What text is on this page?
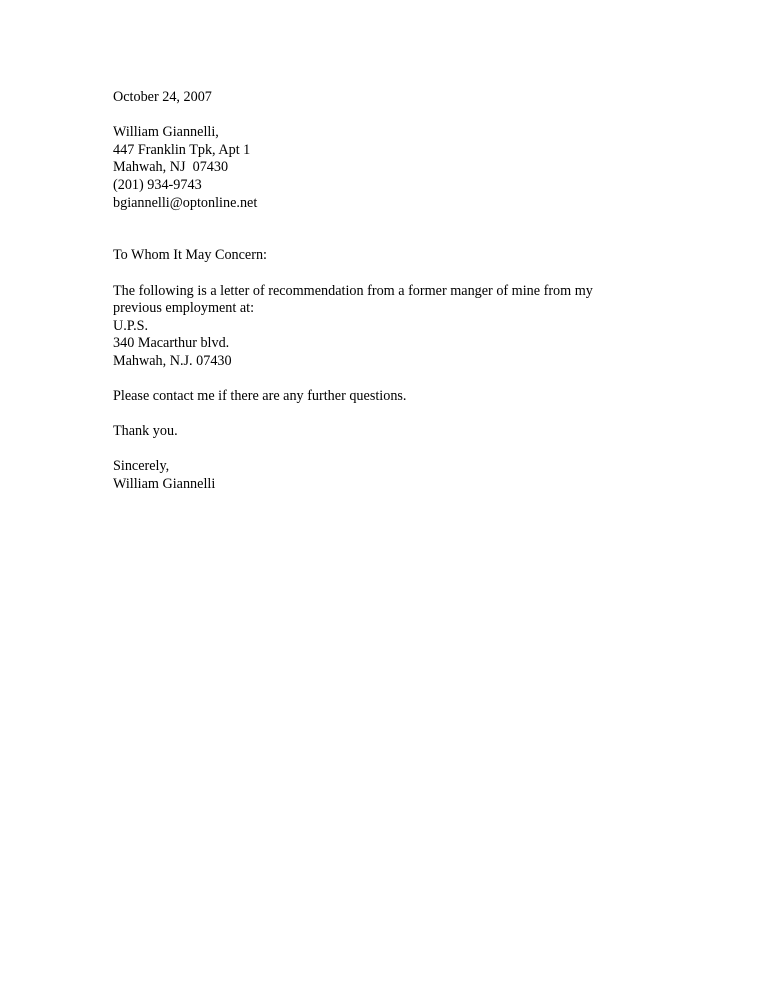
October 24, 2007
William Giannelli,
447 Franklin Tpk, Apt 1
Mahwah, NJ  07430
(201) 934-9743
bgiannelli@optonline.net
To Whom It May Concern:
The following is a letter of recommendation from a former manger of mine from my
previous employment at:
U.P.S.
340 Macarthur blvd.
Mahwah, N.J. 07430
Please contact me if there are any further questions.
Thank you.
Sincerely,
William Giannelli
